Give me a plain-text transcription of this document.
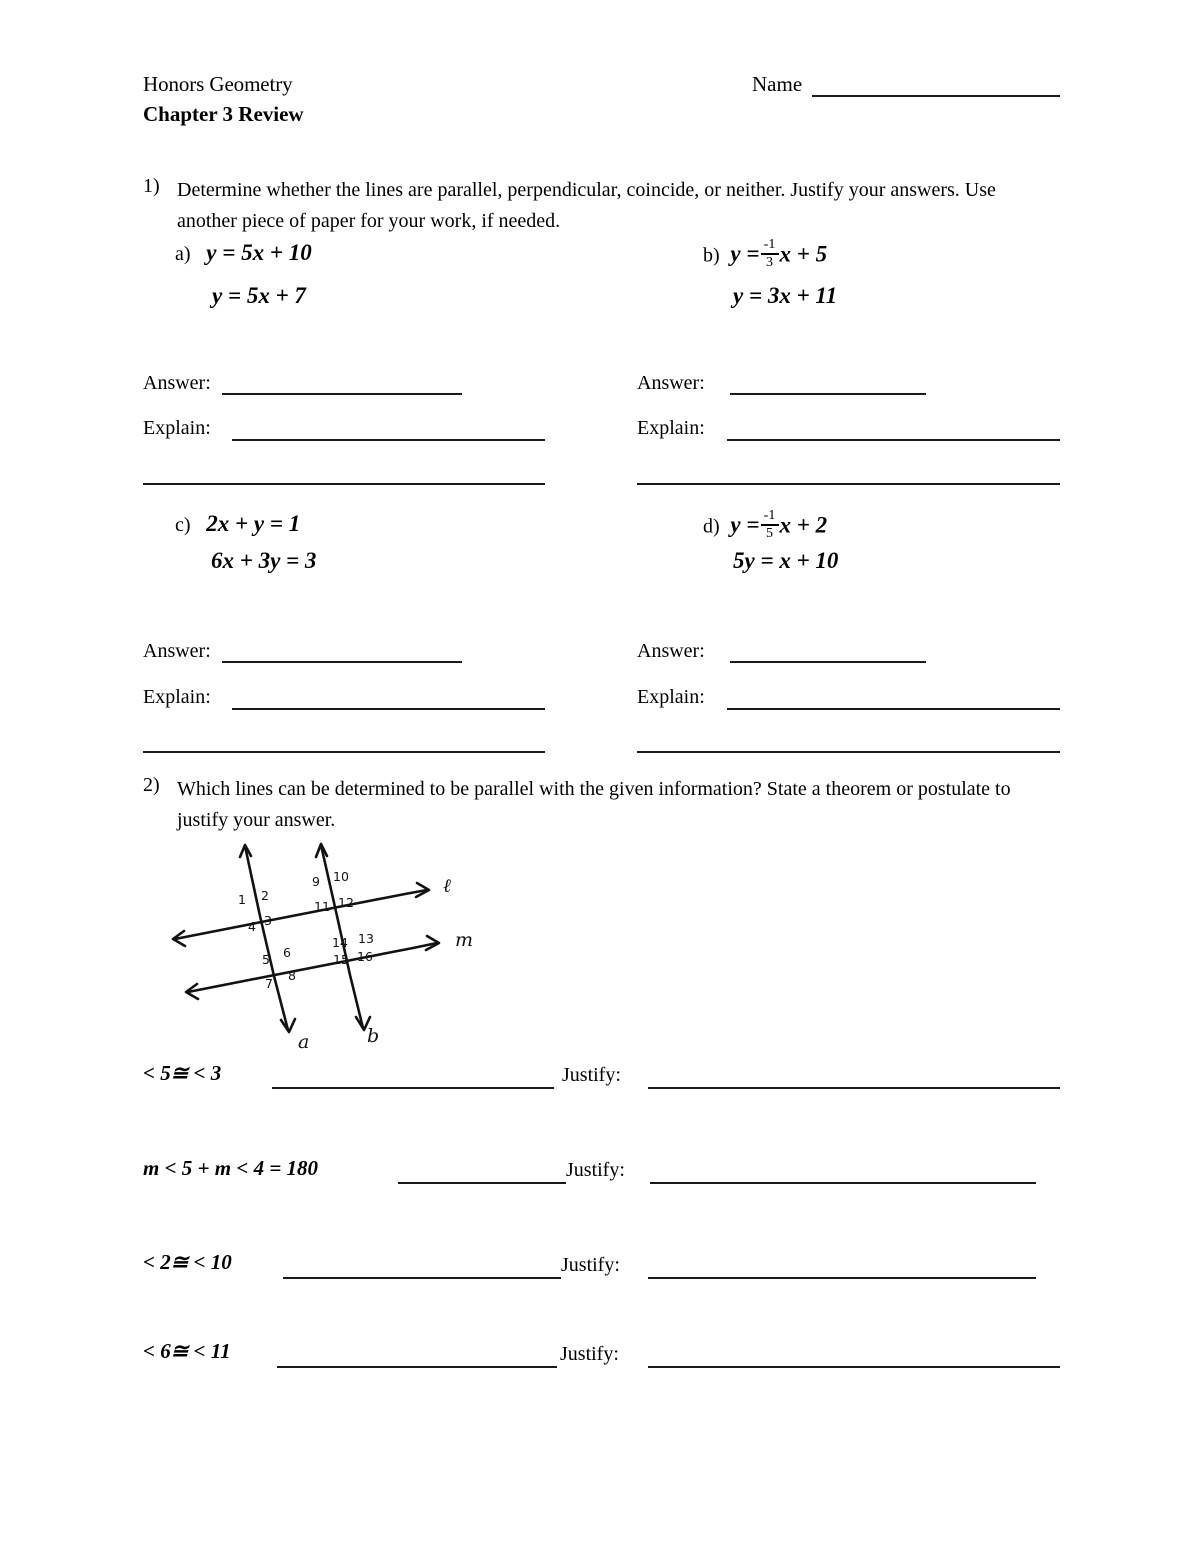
Honors Geometry
Chapter 3 Review
Name
1) Determine whether the lines are parallel, perpendicular, coincide, or neither. Justify your answers. Use another piece of paper for your work, if needed.
a) y = 5x + 10
y = 5x + 7
b) $y = \frac{-1}{3}$ x + 5
y = 3x + 11
Answer:	Answer:
Explain:	Explain:
c) 2x + y = 1
6x + 3y = 3
d) $y = \frac{-1}{5}$ x + 2
5y = x + 10
Answer:	Answer:
Explain:	Explain:
2) Which lines can be determined to be parallel with the given information? State a theorem or postulate to justify your answer.
ℓ
m
a	b
1 2
3
4
5 6
7
8
9 10
11 12
13
14
15 16
< 5≅ < 3	Justify:
m < 5 + m < 4 = 180	Justify:
< 2≅ < 10	Justify:
< 6≅ < 11	Justify:
